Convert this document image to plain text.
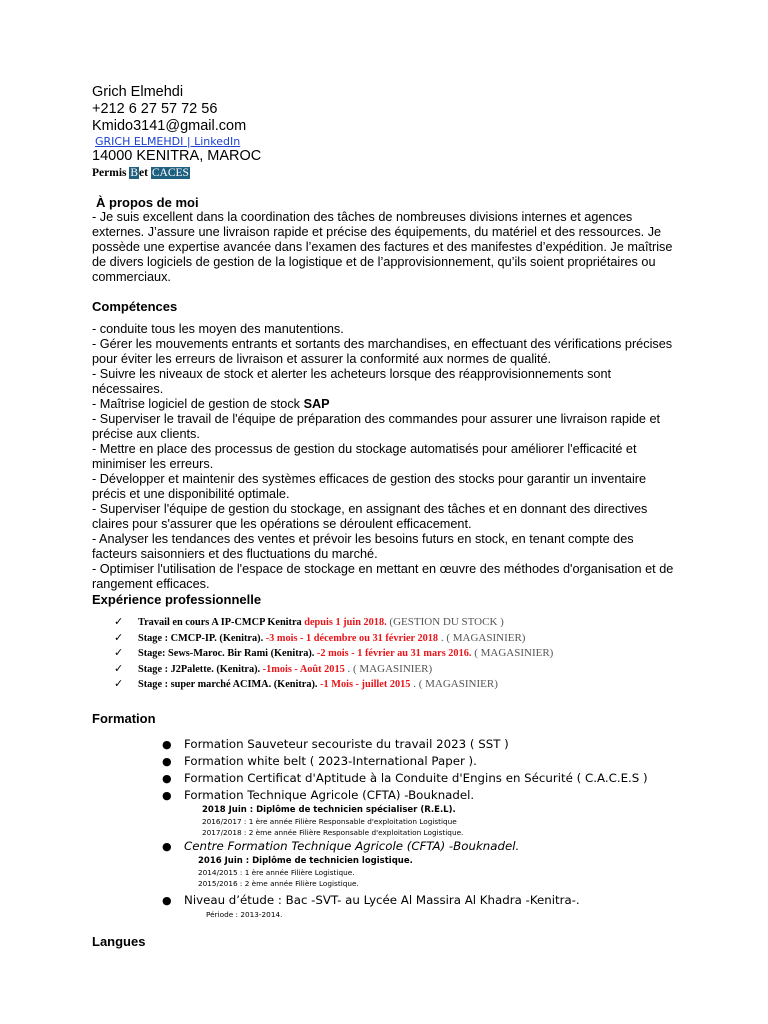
Grich Elmehdi
+212 6 27 57 72 56
Kmido3141@gmail.com
GRICH ELMEHDI | LinkedIn
14000 KENITRA, MAROC
Permis Bet CACES
À propos de moi
- Je suis excellent dans la coordination des tâches de nombreuses divisions internes et agences externes. J’assure une livraison rapide et précise des équipements, du matériel et des ressources. Je possède une expertise avancée dans l’examen des factures et des manifestes d’expédition. Je maîtrise de divers logiciels de gestion de la logistique et de l’approvisionnement, qu’ils soient propriétaires ou commerciaux.
Compétences
- conduite tous les moyen des manutentions.
- Gérer les mouvements entrants et sortants des marchandises, en effectuant des vérifications précises pour éviter les erreurs de livraison et assurer la conformité aux normes de qualité.
- Suivre les niveaux de stock et alerter les acheteurs lorsque des réapprovisionnements sont nécessaires.
- Maîtrise logiciel de gestion de stock SAP
- Superviser le travail de l'équipe de préparation des commandes pour assurer une livraison rapide et précise aux clients.
- Mettre en place des processus de gestion du stockage automatisés pour améliorer l'efficacité et minimiser les erreurs.
- Développer et maintenir des systèmes efficaces de gestion des stocks pour garantir un inventaire précis et une disponibilité optimale.
- Superviser l'équipe de gestion du stockage, en assignant des tâches et en donnant des directives claires pour s'assurer que les opérations se déroulent efficacement.
- Analyser les tendances des ventes et prévoir les besoins futurs en stock, en tenant compte des facteurs saisonniers et des fluctuations du marché.
- Optimiser l'utilisation de l'espace de stockage en mettant en œuvre des méthodes d'organisation et de rangement efficaces.
Expérience professionnelle
✓ Travail en cours A IP-CMCP Kenitra depuis 1 juin 2018. (GESTION DU STOCK )
✓ Stage : CMCP-IP. (Kenitra). -3 mois - 1 décembre ou 31 février 2018 . ( MAGASINIER)
✓ Stage: Sews-Maroc. Bir Rami (Kenitra). -2 mois - 1 février au 31 mars 2016. ( MAGASINIER)
✓ Stage : J2Palette. (Kenitra). -1mois - Août 2015 . ( MAGASINIER)
✓ Stage : super marché ACIMA. (Kenitra). -1 Mois - juillet 2015 . ( MAGASINIER)
Formation
● Formation Sauveteur secouriste du travail 2023 ( SST )
● Formation white belt ( 2023-International Paper ).
● Formation Certificat d'Aptitude à la Conduite d'Engins en Sécurité ( C.A.C.E.S )
● Formation Technique Agricole (CFTA) -Bouknadel.
2018 Juin : Diplôme de technicien spécialiser (R.E.L).
2016/2017 : 1 ère année Filière Responsable d'exploitation Logistique
2017/2018 : 2 ème année Filière Responsable d'exploitation Logistique.
● Centre Formation Technique Agricole (CFTA) -Bouknadel.
2016 Juin : Diplôme de technicien logistique.
2014/2015 : 1 ère année Filière Logistique.
2015/2016 : 2 ème année Filière Logistique.
● Niveau d’étude : Bac -SVT- au Lycée Al Massira Al Khadra -Kenitra-.
Période : 2013-2014.
Langues
